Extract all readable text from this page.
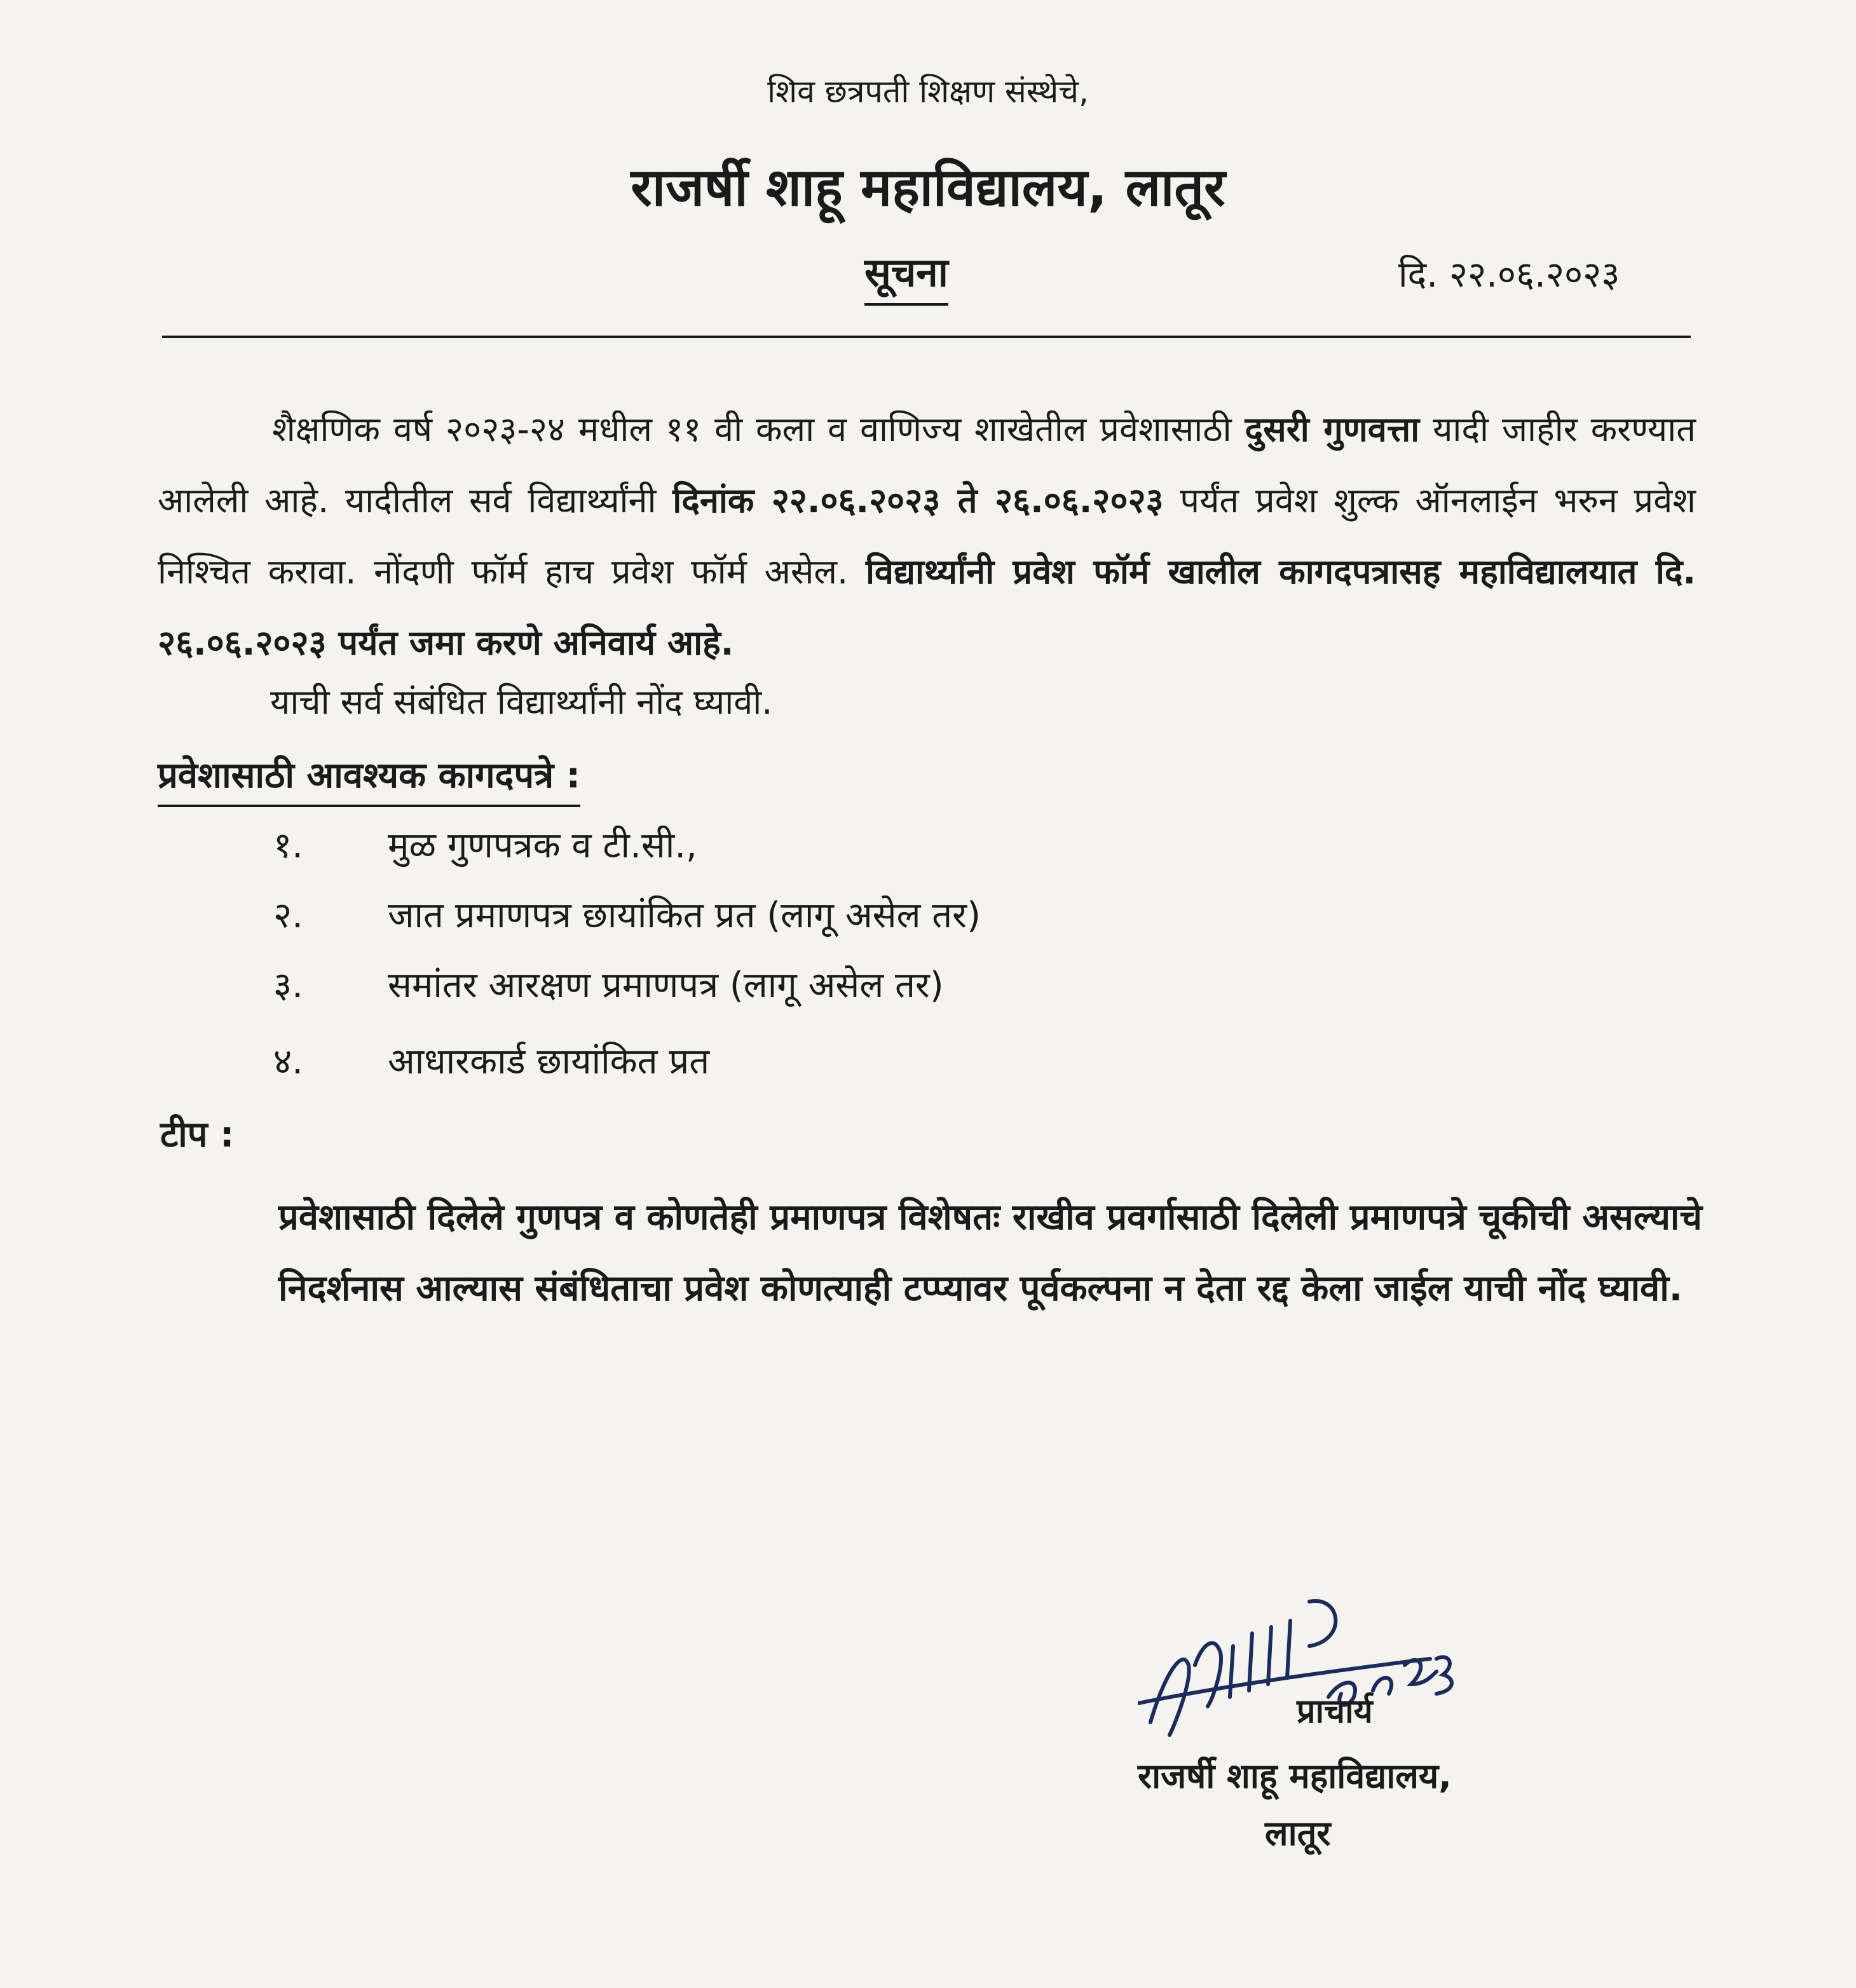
शिव छत्रपती शिक्षण संस्थेचे,
राजर्षी शाहू महाविद्यालय, लातूर
सूचना	दि. २२.०६.२०२३
शैक्षणिक वर्ष २०२३-२४ मधील ११ वी कला व वाणिज्य शाखेतील प्रवेशासाठी दुसरी गुणवत्ता यादी जाहीर करण्यात आलेली आहे. यादीतील सर्व विद्यार्थ्यांनी दिनांक २२.०६.२०२३ ते २६.०६.२०२३ पर्यंत प्रवेश शुल्क ऑनलाईन भरुन प्रवेश निश्चित करावा. नोंदणी फॉर्म हाच प्रवेश फॉर्म असेल. विद्यार्थ्यांनी प्रवेश फॉर्म खालील कागदपत्रासह महाविद्यालयात दि. २६.०६.२०२३ पर्यंत जमा करणे अनिवार्य आहे.
याची सर्व संबंधित विद्यार्थ्यांनी नोंद घ्यावी.
प्रवेशासाठी आवश्यक कागदपत्रे :
१. मुळ गुणपत्रक व टी.सी.,
२. जात प्रमाणपत्र छायांकित प्रत (लागू असेल तर)
३. समांतर आरक्षण प्रमाणपत्र (लागू असेल तर)
४. आधारकार्ड छायांकित प्रत
टीप :
प्रवेशासाठी दिलेले गुणपत्र व कोणतेही प्रमाणपत्र विशेषतः राखीव प्रवर्गासाठी दिलेली प्रमाणपत्रे चूकीची असल्याचे निदर्शनास आल्यास संबंधिताचा प्रवेश कोणत्याही टप्प्यावर पूर्वकल्पना न देता रद्द केला जाईल याची नोंद घ्यावी.
प्राचार्य
राजर्षी शाहू महाविद्यालय,
लातूर
